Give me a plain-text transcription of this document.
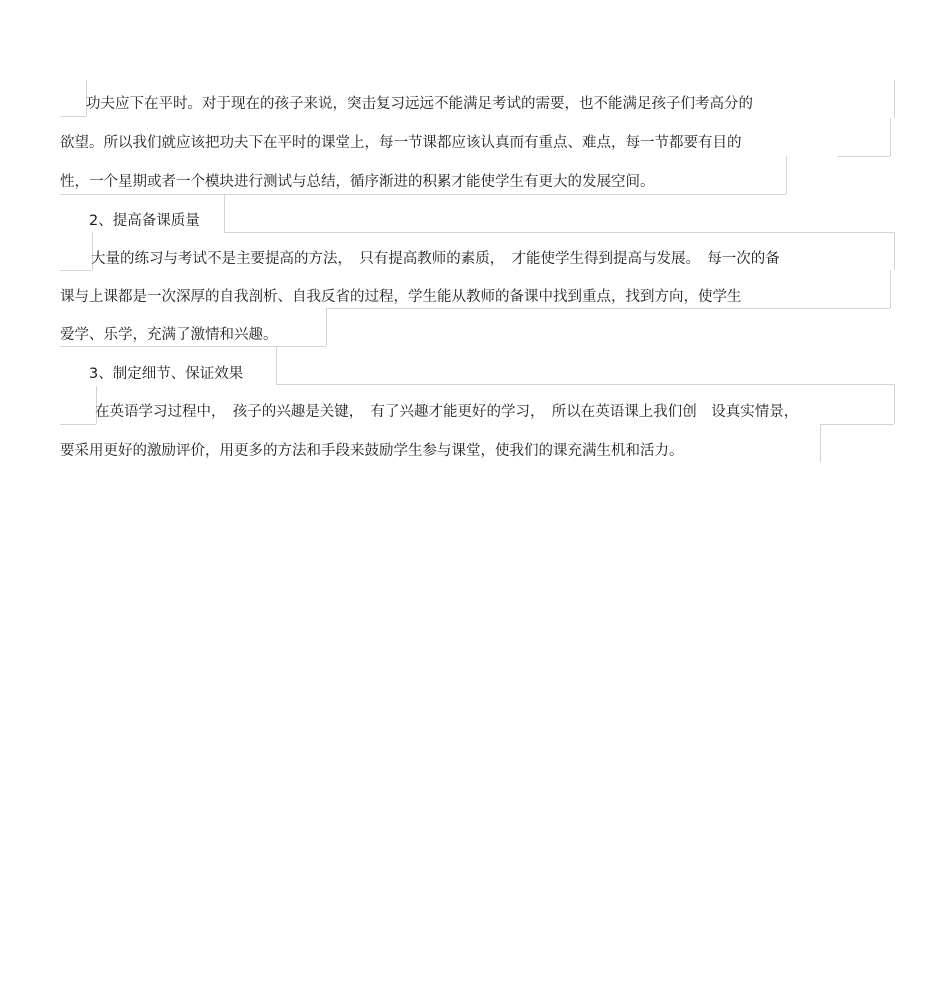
功夫应下在平时。对于现在的孩子来说，突击复习远远不能满足考试的需要，也不能满足孩子们考高分的
欲望。所以我们就应该把功夫下在平时的课堂上，每一节课都应该认真而有重点、难点，每一节都要有目的
性，一个星期或者一个模块进行测试与总结，循序渐进的积累才能使学生有更大的发展空间。
2、提高备课质量
大量的练习与考试不是主要提高的方法，　只有提高教师的素质，　才能使学生得到提高与发展。　每一次的备
课与上课都是一次深厚的自我剖析、自我反省的过程，学生能从教师的备课中找到重点，找到方向，使学生
爱学、乐学，充满了激情和兴趣。
3、制定细节、保证效果
在英语学习过程中，　孩子的兴趣是关键，　有了兴趣才能更好的学习，　所以在英语课上我们创　设真实情景，
要采用更好的激励评价，用更多的方法和手段来鼓励学生参与课堂，使我们的课充满生机和活力。
